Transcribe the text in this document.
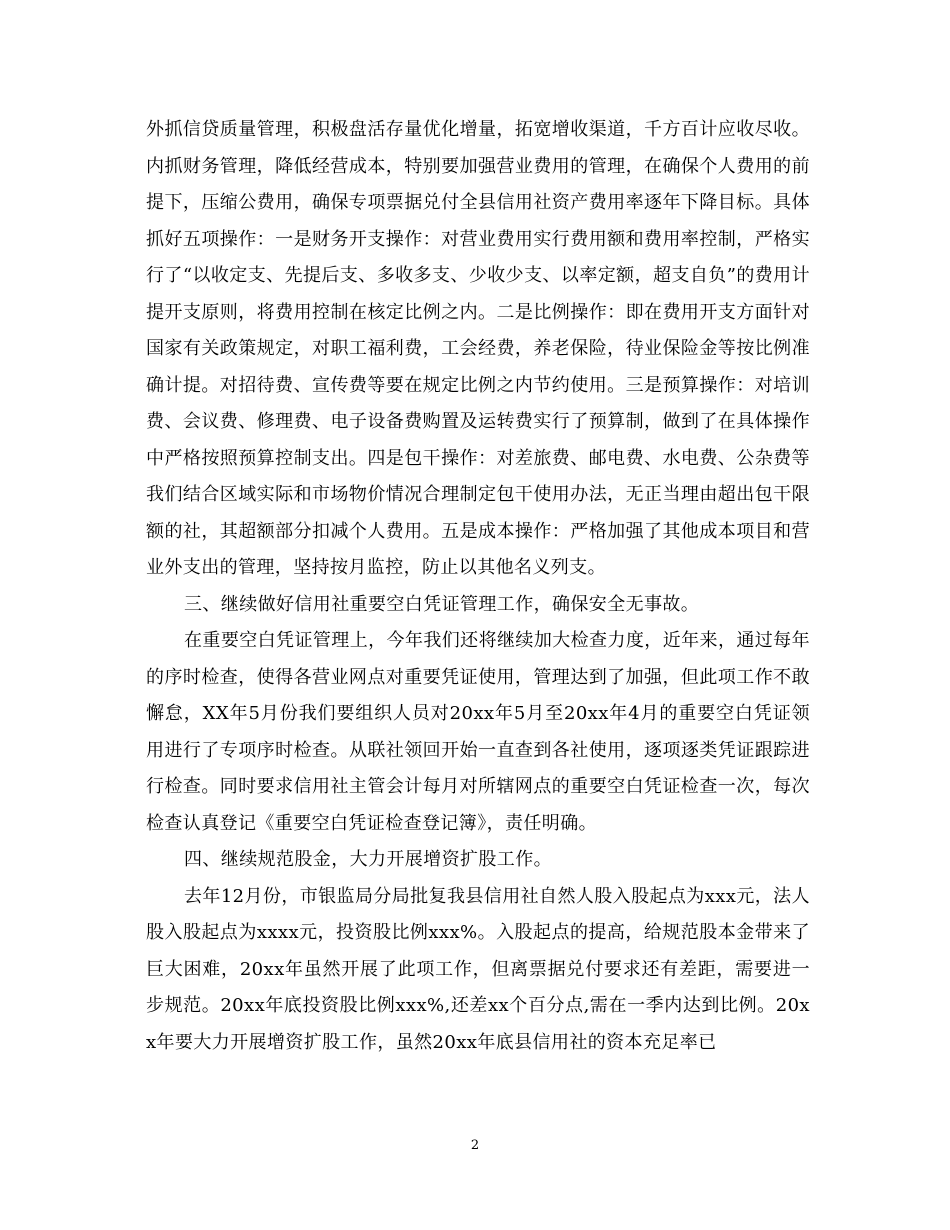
外抓信贷质量管理，积极盘活存量优化增量，拓宽增收渠道，千方百计应收尽收。内抓财务管理，降低经营成本，特别要加强营业费用的管理，在确保个人费用的前提下，压缩公费用，确保专项票据兑付全县信用社资产费用率逐年下降目标。具体抓好五项操作：一是财务开支操作：对营业费用实行费用额和费用率控制，严格实行了“以收定支、先提后支、多收多支、少收少支、以率定额，超支自负”的费用计提开支原则，将费用控制在核定比例之内。二是比例操作：即在费用开支方面针对国家有关政策规定，对职工福利费，工会经费，养老保险，待业保险金等按比例准确计提。对招待费、宣传费等要在规定比例之内节约使用。三是预算操作：对培训费、会议费、修理费、电子设备费购置及运转费实行了预算制，做到了在具体操作中严格按照预算控制支出。四是包干操作：对差旅费、邮电费、水电费、公杂费等我们结合区域实际和市场物价情况合理制定包干使用办法，无正当理由超出包干限额的社，其超额部分扣减个人费用。五是成本操作：严格加强了其他成本项目和营业外支出的管理，坚持按月监控，防止以其他名义列支。

三、继续做好信用社重要空白凭证管理工作，确保安全无事故。

在重要空白凭证管理上，今年我们还将继续加大检查力度，近年来，通过每年的序时检查，使得各营业网点对重要凭证使用，管理达到了加强，但此项工作不敢懈怠，XX年5月份我们要组织人员对20xx年5月至20xx年4月的重要空白凭证领用进行了专项序时检查。从联社领回开始一直查到各社使用，逐项逐类凭证跟踪进行检查。同时要求信用社主管会计每月对所辖网点的重要空白凭证检查一次，每次检查认真登记《重要空白凭证检查登记簿》，责任明确。

四、继续规范股金，大力开展增资扩股工作。

去年12月份，市银监局分局批复我县信用社自然人股入股起点为xxx元，法人股入股起点为xxxx元，投资股比例xxx%。入股起点的提高，给规范股本金带来了巨大困难，20xx年虽然开展了此项工作，但离票据兑付要求还有差距，需要进一步规范。20xx年底投资股比例xxx%,还差xx个百分点,需在一季内达到比例。20xx年要大力开展增资扩股工作，虽然20xx年底县信用社的资本充足率已

2
